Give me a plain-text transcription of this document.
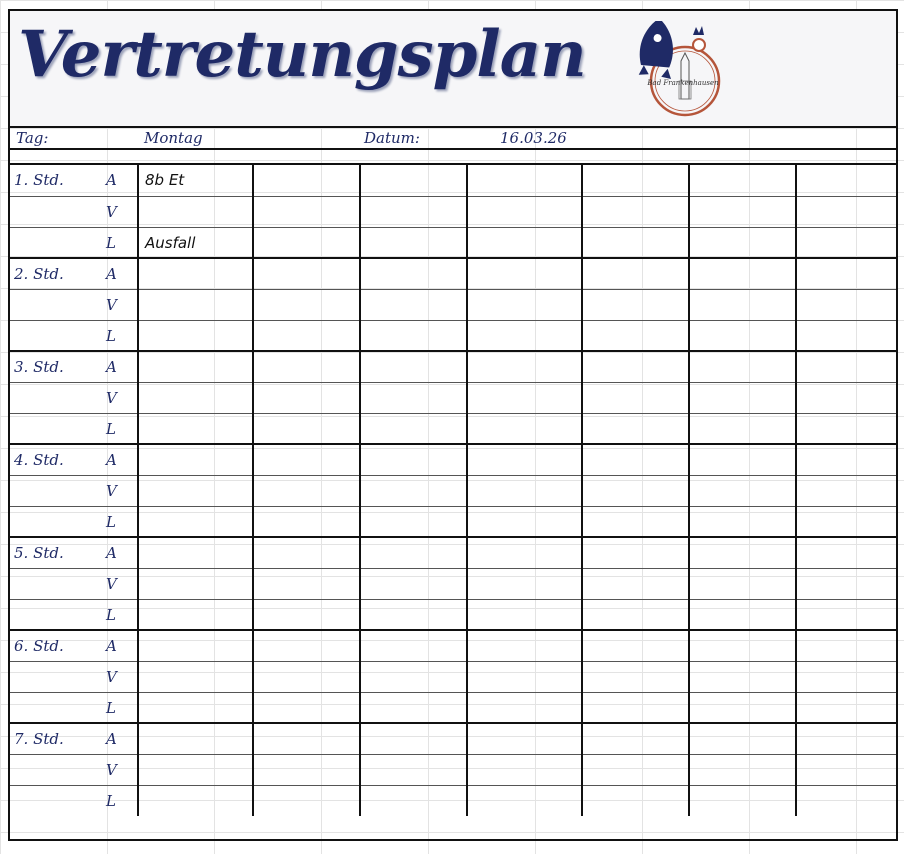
Vertretungsplan	Bad Frankenhausen
Tag:	Montag	Datum:	16.03.26
1. Std. A	8b Et						

V							

L	Ausfall						

2. Std. A							

V							

L							

3. Std. A							

V							

L							

4. Std. A							

V							

L							

5. Std. A							

V							

L							

6. Std. A							

V							

L							

7. Std. A							

V							

L							
